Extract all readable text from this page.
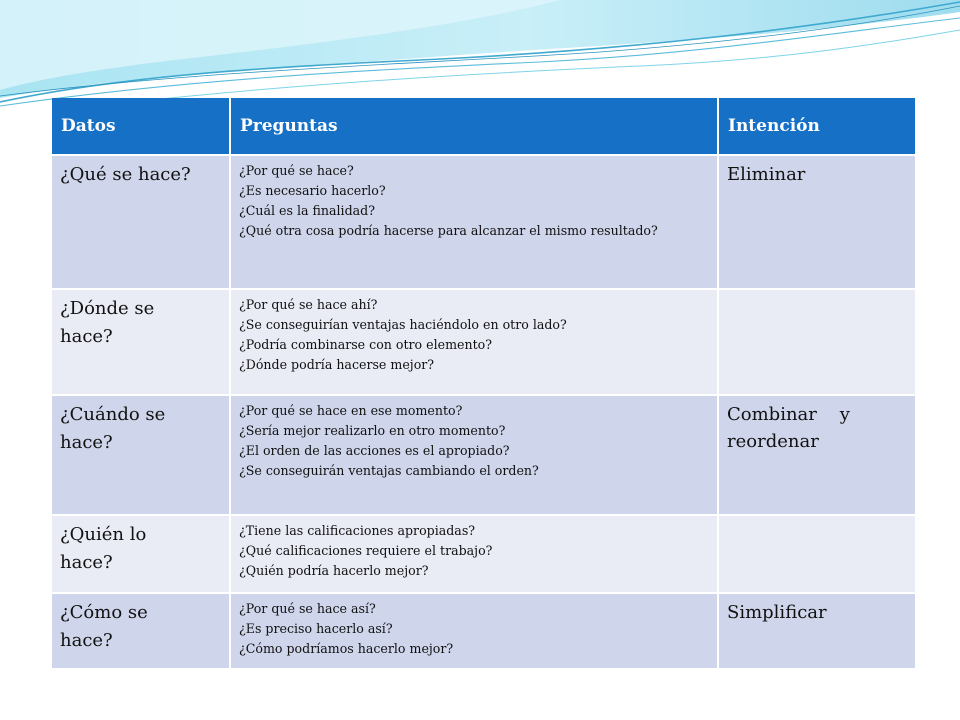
Datos	Preguntas	Intención

¿Qué se hace?	¿Por qué se hace?
¿Es necesario hacerlo?
¿Cuál es la finalidad?
¿Qué otra cosa podría hacerse para alcanzar el mismo resultado?	Eliminar

¿Dónde se
hace?	¿Por qué se hace ahí?
¿Se conseguirían ventajas haciéndolo en otro lado?
¿Podría combinarse con otro elemento?
¿Dónde podría hacerse mejor?	

¿Cuándo se
hace?	¿Por qué se hace en ese momento?
¿Sería mejor realizarlo en otro momento?
¿El orden de las acciones es el apropiado?
¿Se conseguirán ventajas cambiando el orden?	Combinar    y reordenar

¿Quién lo
hace?	¿Tiene las calificaciones apropiadas?
¿Qué calificaciones requiere el trabajo?
¿Quién podría hacerlo mejor?	

¿Cómo se
hace?	¿Por qué se hace así?
¿Es preciso hacerlo así?
¿Cómo podríamos hacerlo mejor?	Simplificar
